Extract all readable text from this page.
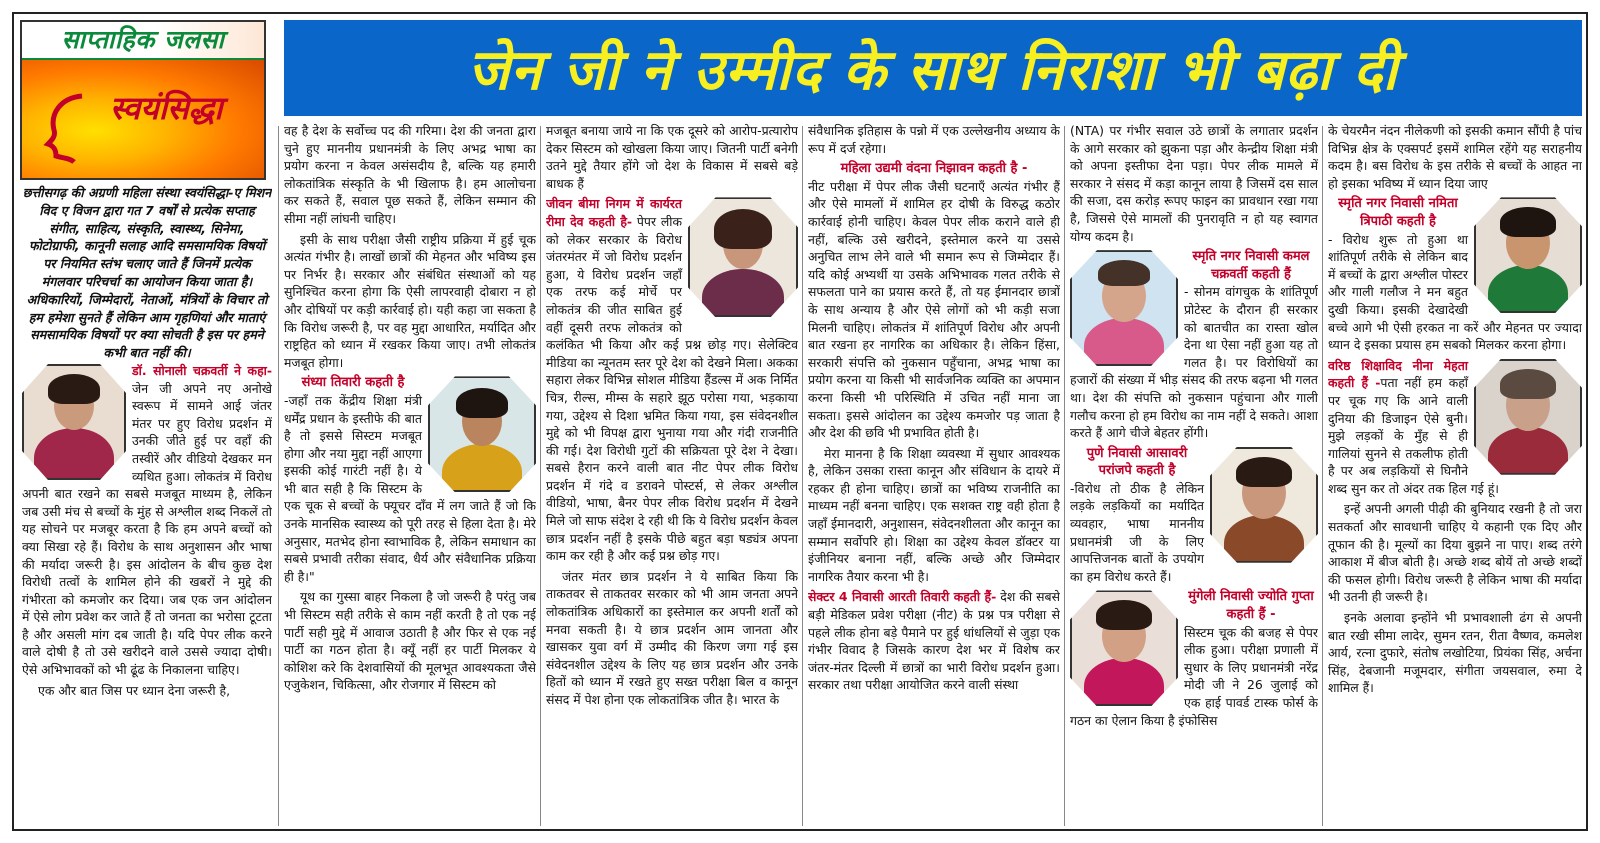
साप्ताहिक जलसा
स्वयंसिद्धा
जेन जी ने उम्मीद के साथ निराशा भी बढ़ा दी
छत्तीसगढ़ की अग्रणी महिला संस्था स्वयंसिद्धा-ए मिशन विद ए विजन द्वारा गत 7 वर्षों से प्रत्येक सप्ताह संगीत, साहित्य, संस्कृति, स्वास्थ्य, सिनेमा, फोटोग्राफी, कानूनी सलाह आदि समसामयिक विषयों पर नियमित स्तंभ चलाए जाते हैं जिनमें प्रत्येक मंगलवार परिचर्चा का आयोजन किया जाता है। अधिकारियों, जिम्मेदारों, नेताओं, मंत्रियों के विचार तो हम हमेशा सुनते हैं लेकिन आम गृहणियां और माताएं समसामयिक विषयों पर क्या सोचती है इस पर हमने कभी बात नहीं की।

डॉ. सोनाली चक्रवर्ती ने कहा-जेन जी अपने नए अनोखे स्वरूप में सामने आई जंतर मंतर पर हुए विरोध प्रदर्शन में उनकी जीते हुई पर वहाँ की तस्वीरें और वीडियो देखकर मन व्यथित हुआ। लोकतंत्र में विरोध अपनी बात रखने का सबसे मजबूत माध्यम है, लेकिन जब उसी मंच से बच्चों के मुंह से अश्लील शब्द निकलें तो यह सोचने पर मजबूर करता है कि हम अपने बच्चों को क्या सिखा रहे हैं। विरोध के साथ अनुशासन और भाषा की मर्यादा जरूरी है। इस आंदोलन के बीच कुछ देश विरोधी तत्वों के शामिल होने की खबरों ने मुद्दे की गंभीरता को कमजोर कर दिया। जब एक जन आंदोलन में ऐसे लोग प्रवेश कर जाते हैं तो जनता का भरोसा टूटता है और असली मांग दब जाती है। यदि पेपर लीक करने वाले दोषी है तो उसे खरीदने वाले उससे ज्यादा दोषी। ऐसे अभिभावकों को भी ढूंढ के निकालना चाहिए।

एक और बात जिस पर ध्यान देना जरूरी है,

वह है देश के सर्वोच्च पद की गरिमा। देश की जनता द्वारा चुने हुए माननीय प्रधानमंत्री के लिए अभद्र भाषा का प्रयोग करना न केवल असंसदीय है, बल्कि यह हमारी लोकतांत्रिक संस्कृति के भी खिलाफ है। हम आलोचना कर सकते हैं, सवाल पूछ सकते हैं, लेकिन सम्मान की सीमा नहीं लांघनी चाहिए।

इसी के साथ परीक्षा जैसी राष्ट्रीय प्रक्रिया में हुई चूक अत्यंत गंभीर है। लाखों छात्रों की मेहनत और भविष्य इस पर निर्भर है। सरकार और संबंधित संस्थाओं को यह सुनिश्चित करना होगा कि ऐसी लापरवाही दोबारा न हो और दोषियों पर कड़ी कार्रवाई हो। यही कहा जा सकता है कि विरोध जरूरी है, पर वह मुद्दा आधारित, मर्यादित और राष्ट्रहित को ध्यान में रखकर किया जाए। तभी लोकतंत्र मजबूत होगा।

संध्या तिवारी कहती है

-जहाँ तक केंद्रीय शिक्षा मंत्री धर्मेंद्र प्रधान के इस्तीफे की बात है तो इससे सिस्टम मजबूत होगा और नया मुद्दा नहीं आएगा इसकी कोई गारंटी नहीं है। ये भी बात सही है कि सिस्टम के एक चूक से बच्चों के फ्यूचर दाँव में लग जाते हैं जो कि उनके मानसिक स्वास्थ्य को पूरी तरह से हिला देता है। मेरे अनुसार, मतभेद होना स्वाभाविक है, लेकिन समाधान का सबसे प्रभावी तरीका संवाद, धैर्य और संवैधानिक प्रक्रिया ही है।"

यूथ का गुस्सा बाहर निकला है जो जरूरी है परंतु जब भी सिस्टम सही तरीके से काम नहीं करती है तो एक नई पार्टी सही मुद्दे में आवाज उठाती है और फिर से एक नई पार्टी का गठन होता है। क्यूँ नहीं हर पार्टी मिलकर ये कोशिश करे कि देशवासियों की मूलभूत आवश्यकता जैसे एजुकेशन, चिकित्सा, और रोजगार में सिस्टम को

मजबूत बनाया जाये ना कि एक दूसरे को आरोप-प्रत्यारोप देकर सिस्टम को खोखला किया जाए। जितनी पार्टी बनेगी उतने मुद्दे तैयार होंगे जो देश के विकास में सबसे बड़े बाधक हैं

जीवन बीमा निगम में कार्यरत रीमा देव कहती है- पेपर लीक को लेकर सरकार के विरोध जंतरमंतर में जो विरोध प्रदर्शन हुआ, ये विरोध प्रदर्शन जहाँ एक तरफ कई मोर्चे पर लोकतंत्र की जीत साबित हुई वहीं दूसरी तरफ लोकतंत्र को कलंकित भी किया और कई प्रश्न छोड़ गए। सेलेक्टिव मीडिया का न्यूनतम स्तर पूरे देश को देखने मिला। अकका सहारा लेकर विभिन्न सोशल मीडिया हैंडल्स में अक निर्मित चित्र, रील्स, मीम्स के सहारे झूठ परोसा गया, भड़काया गया, उद्देश्य से दिशा भ्रमित किया गया, इस संवेदनशील मुद्दे को भी विपक्ष द्वारा भुनाया गया और गंदी राजनीति की गई। देश विरोधी गुटों की सक्रियता पूरे देश ने देखा। सबसे हैरान करने वाली बात नीट पेपर लीक विरोध प्रदर्शन में गंदे व डरावने पोस्टर्स, से लेकर अश्लील वीडियो, भाषा, बैनर पेपर लीक विरोध प्रदर्शन में देखने मिले जो साफ संदेश दे रही थी कि ये विरोध प्रदर्शन केवल छात्र प्रदर्शन नहीं है इसके पीछे बहुत बड़ा षड्यंत्र अपना काम कर रही है और कई प्रश्न छोड़ गए।

जंतर मंतर छात्र प्रदर्शन ने ये साबित किया कि ताकतवर से ताकतवर सरकार को भी आम जनता अपने लोकतांत्रिक अधिकारों का इस्तेमाल कर अपनी शर्तों को मनवा सकती है। ये छात्र प्रदर्शन आम जानता और खासकर युवा वर्ग में उम्मीद की किरण जगा गई इस संवेदनशील उद्देश्य के लिए यह छात्र प्रदर्शन और उनके हितों को ध्यान में रखते हुए सख्त परीक्षा बिल व कानून संसद में पेश होना एक लोकतांत्रिक जीत है। भारत के

संवैधानिक इतिहास के पन्नो में एक उल्लेखनीय अध्याय के रूप में दर्ज रहेगा।

महिला उद्यमी वंदना निझावन कहती है -

नीट परीक्षा में पेपर लीक जैसी घटनाएँ अत्यंत गंभीर हैं और ऐसे मामलों में शामिल हर दोषी के विरुद्ध कठोर कार्रवाई होनी चाहिए। केवल पेपर लीक कराने वाले ही नहीं, बल्कि उसे खरीदने, इस्तेमाल करने या उससे अनुचित लाभ लेने वाले भी समान रूप से जिम्मेदार हैं। यदि कोई अभ्यर्थी या उसके अभिभावक गलत तरीके से सफलता पाने का प्रयास करते हैं, तो यह ईमानदार छात्रों के साथ अन्याय है और ऐसे लोगों को भी कड़ी सजा मिलनी चाहिए। लोकतंत्र में शांतिपूर्ण विरोध और अपनी बात रखना हर नागरिक का अधिकार है। लेकिन हिंसा, सरकारी संपत्ति को नुकसान पहुँचाना, अभद्र भाषा का प्रयोग करना या किसी भी सार्वजनिक व्यक्ति का अपमान करना किसी भी परिस्थिति में उचित नहीं माना जा सकता। इससे आंदोलन का उद्देश्य कमजोर पड़ जाता है और देश की छवि भी प्रभावित होती है।

मेरा मानना है कि शिक्षा व्यवस्था में सुधार आवश्यक है, लेकिन उसका रास्ता कानून और संविधान के दायरे में रहकर ही होना चाहिए। छात्रों का भविष्य राजनीति का माध्यम नहीं बनना चाहिए। एक सशक्त राष्ट्र वही होता है जहाँ ईमानदारी, अनुशासन, संवेदनशीलता और कानून का सम्मान सर्वोपरि हो। शिक्षा का उद्देश्य केवल डॉक्टर या इंजीनियर बनाना नहीं, बल्कि अच्छे और जिम्मेदार नागरिक तैयार करना भी है।

सेक्टर 4 निवासी आरती तिवारी कहती हैं- देश की सबसे बड़ी मेडिकल प्रवेश परीक्षा (नीट) के प्रश्न पत्र परीक्षा से पहले लीक होना बड़े पैमाने पर हुई धांधलियों से जुड़ा एक गंभीर विवाद है जिसके कारण देश भर में विशेष कर जंतर-मंतर दिल्ली में छात्रों का भारी विरोध प्रदर्शन हुआ। सरकार तथा परीक्षा आयोजित करने वाली संस्था

(NTA) पर गंभीर सवाल उठे छात्रों के लगातार प्रदर्शन के आगे सरकार को झुकना पड़ा और केन्द्रीय शिक्षा मंत्री को अपना इस्तीफा देना पड़ा। पेपर लीक मामले में सरकार ने संसद में कड़ा कानून लाया है जिसमें दस साल की सजा, दस करोड़ रूपए फाइन का प्रावधान रखा गया है, जिससे ऐसे मामलों की पुनरावृति न हो यह स्वागत योग्य कदम है।

स्मृति नगर निवासी कमल चक्रवर्ती कहती हैं

- सोनम वांगचुक के शांतिपूर्ण प्रोटेस्ट के दौरान ही सरकार को बातचीत का रास्ता खोल देना था ऐसा नहीं हुआ यह तो गलत है। पर विरोधियों का हजारों की संख्या में भीड़ संसद की तरफ बढ़ना भी गलत था। देश की संपत्ति को नुकसान पहुंचाना और गाली गलौच करना हो हम विरोध का नाम नहीं दे सकते। आशा करते हैं आगे चीजे बेहतर होंगी।

पुणे निवासी आसावरी परांजपे कहती है

-विरोध तो ठीक है लेकिन लड़के लड़कियों का मर्यादित व्यवहार, भाषा माननीय प्रधानमंत्री जी के लिए आपत्तिजनक बातों के उपयोग का हम विरोध करते हैं।

मुंगेली निवासी ज्योति गुप्ता कहती हैं -

सिस्टम चूक की बजह से पेपर लीक हुआ। परीक्षा प्रणाली में सुधार के लिए प्रधानमंत्री नरेंद्र मोदी जी ने 26 जुलाई को एक हाई पावर्ड टास्क फोर्स के गठन का ऐलान किया है इंफोसिस

के चेयरमैन नंदन नीलेकणी को इसकी कमान सौंपी है पांच विभिन्न क्षेत्र के एक्सपर्ट इसमें शामिल रहेंगे यह सराहनीय कदम है। बस विरोध के इस तरीके से बच्चों के आहत ना हो इसका भविष्य में ध्यान दिया जाए

स्मृति नगर निवासी नमिता त्रिपाठी कहती है

- विरोध शुरू तो हुआ था शांतिपूर्ण तरीके से लेकिन बाद में बच्चों के द्वारा अश्लील पोस्टर और गाली गलौज ने मन बहुत दुखी किया। इसकी देखादेखी बच्चे आगे भी ऐसी हरकत ना करें और मेहनत पर ज्यादा ध्यान दे इसका प्रयास हम सबको मिलकर करना होगा।

वरिष्ठ शिक्षाविद नीना मेहता कहती हैं -पता नहीं हम कहाँ पर चूक गए कि आने वाली दुनिया की डिजाइन ऐसे बुनी। मुझे लड़कों के मुँह से ही गालियां सुनने से तकलीफ होती है पर अब लड़कियों से घिनौने शब्द सुन कर तो अंदर तक हिल गई हूं।

इन्हें अपनी अगली पीढ़ी की बुनियाद रखनी है तो जरा सतकर्ता और सावधानी चाहिए ये कहानी एक दिए और तूफान की है। मूल्यों का दिया बुझने ना पाए। शब्द तरंगे आकाश में बीज बोती है। अच्छे शब्द बोयें तो अच्छे शब्दों की फसल होगी। विरोध जरूरी है लेकिन भाषा की मर्यादा भी उतनी ही जरूरी है।

इनके अलावा इन्होंने भी प्रभावशाली ढंग से अपनी बात रखी सीमा लादेर, सुमन रतन, रीता वैष्णव, कमलेश आर्य, रत्ना दुफारे, संतोष लखोटिया, प्रियंका सिंह, अर्चना सिंह, देबजानी मजूमदार, संगीता जयसवाल, रुमा दे शामिल हैं।
